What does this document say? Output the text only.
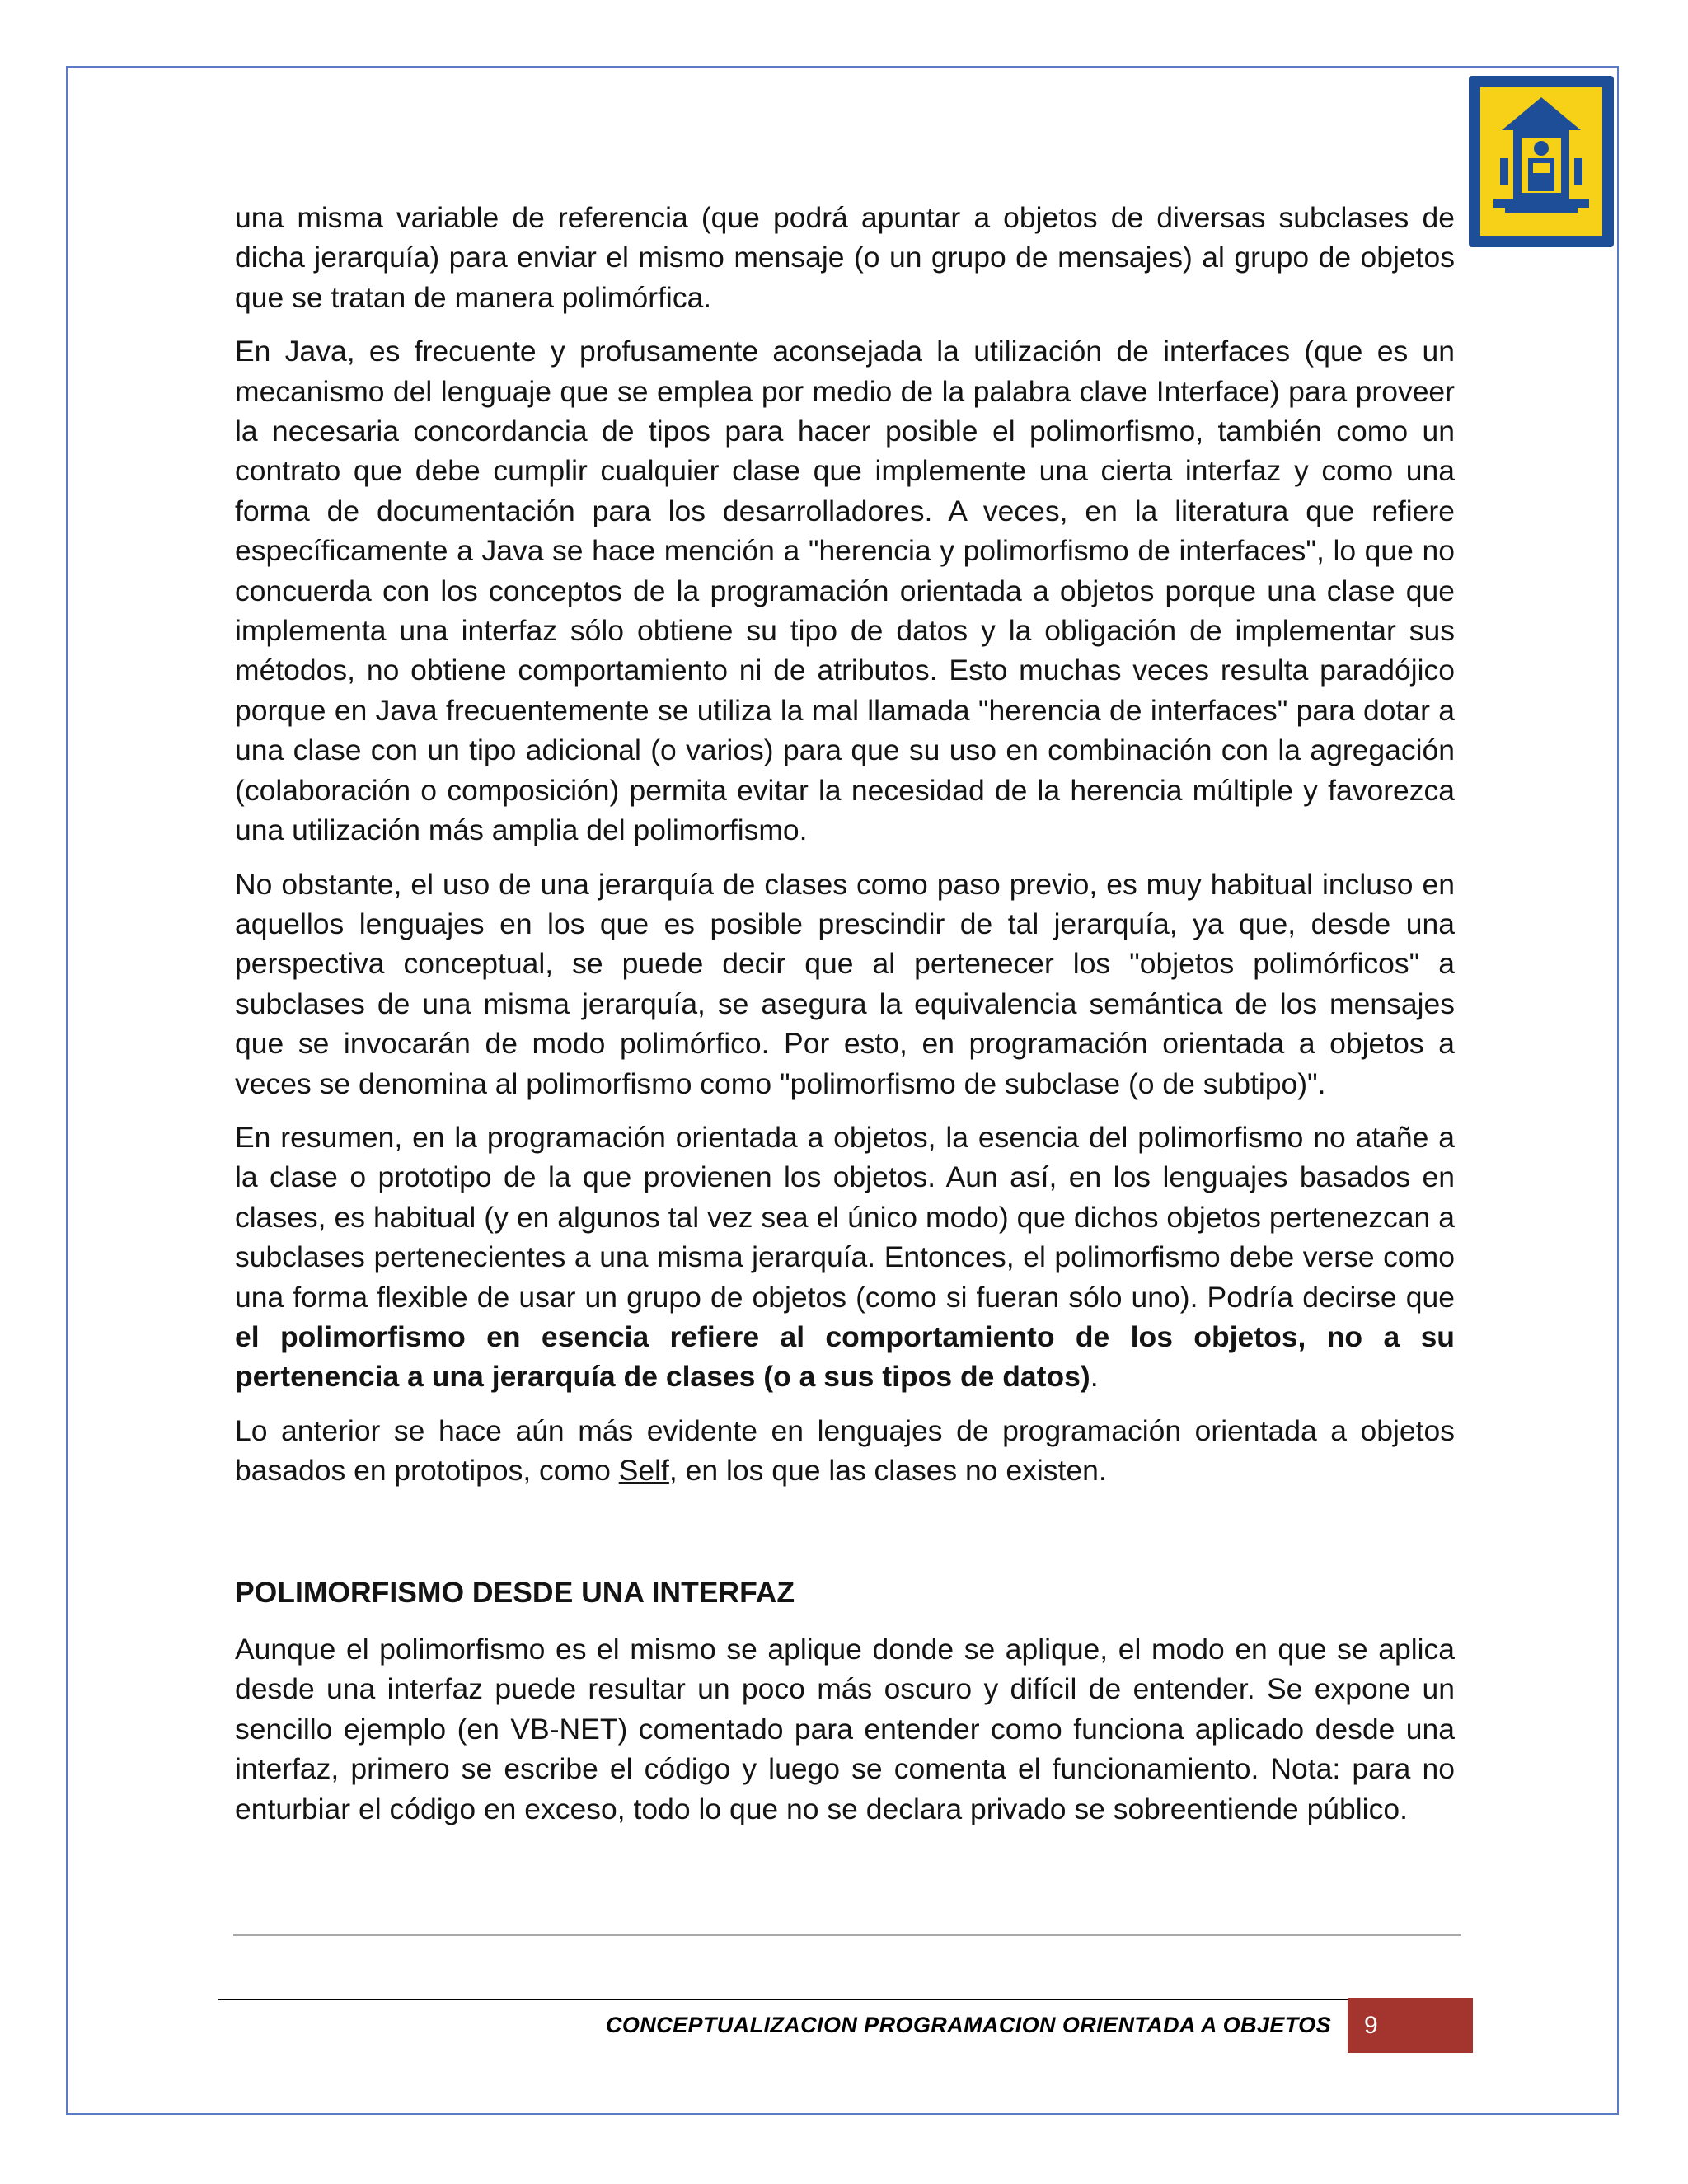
una misma variable de referencia (que podrá apuntar a objetos de diversas subclases de dicha jerarquía) para enviar el mismo mensaje (o un grupo de mensajes) al grupo de objetos que se tratan de manera polimórfica.

En Java, es frecuente y profusamente aconsejada la utilización de interfaces (que es un mecanismo del lenguaje que se emplea por medio de la palabra clave Interface) para proveer la necesaria concordancia de tipos para hacer posible el polimorfismo, también como un contrato que debe cumplir cualquier clase que implemente una cierta interfaz y como una forma de documentación para los desarrolladores. A veces, en la literatura que refiere específicamente a Java se hace mención a "herencia y polimorfismo de interfaces", lo que no concuerda con los conceptos de la programación orientada a objetos porque una clase que implementa una interfaz sólo obtiene su tipo de datos y la obligación de implementar sus métodos, no obtiene comportamiento ni de atributos. Esto muchas veces resulta paradójico porque en Java frecuentemente se utiliza la mal llamada "herencia de interfaces" para dotar a una clase con un tipo adicional (o varios) para que su uso en combinación con la agregación (colaboración o composición) permita evitar la necesidad de la herencia múltiple y favorezca una utilización más amplia del polimorfismo.

No obstante, el uso de una jerarquía de clases como paso previo, es muy habitual incluso en aquellos lenguajes en los que es posible prescindir de tal jerarquía, ya que, desde una perspectiva conceptual, se puede decir que al pertenecer los "objetos polimórficos" a subclases de una misma jerarquía, se asegura la equivalencia semántica de los mensajes que se invocarán de modo polimórfico. Por esto, en programación orientada a objetos a veces se denomina al polimorfismo como "polimorfismo de subclase (o de subtipo)".

En resumen, en la programación orientada a objetos, la esencia del polimorfismo no atañe a la clase o prototipo de la que provienen los objetos. Aun así, en los lenguajes basados en clases, es habitual (y en algunos tal vez sea el único modo) que dichos objetos pertenezcan a subclases pertenecientes a una misma jerarquía. Entonces, el polimorfismo debe verse como una forma flexible de usar un grupo de objetos (como si fueran sólo uno). Podría decirse que el polimorfismo en esencia refiere al comportamiento de los objetos, no a su pertenencia a una jerarquía de clases (o a sus tipos de datos).

Lo anterior se hace aún más evidente en lenguajes de programación orientada a objetos basados en prototipos, como Self, en los que las clases no existen.

POLIMORFISMO DESDE UNA INTERFAZ

Aunque el polimorfismo es el mismo se aplique donde se aplique, el modo en que se aplica desde una interfaz puede resultar un poco más oscuro y difícil de entender. Se expone un sencillo ejemplo (en VB-NET) comentado para entender como funciona aplicado desde una interfaz, primero se escribe el código y luego se comenta el funcionamiento. Nota: para no enturbiar el código en exceso, todo lo que no se declara privado se sobreentiende público.

CONCEPTUALIZACION PROGRAMACION ORIENTADA A OBJETOS 9
